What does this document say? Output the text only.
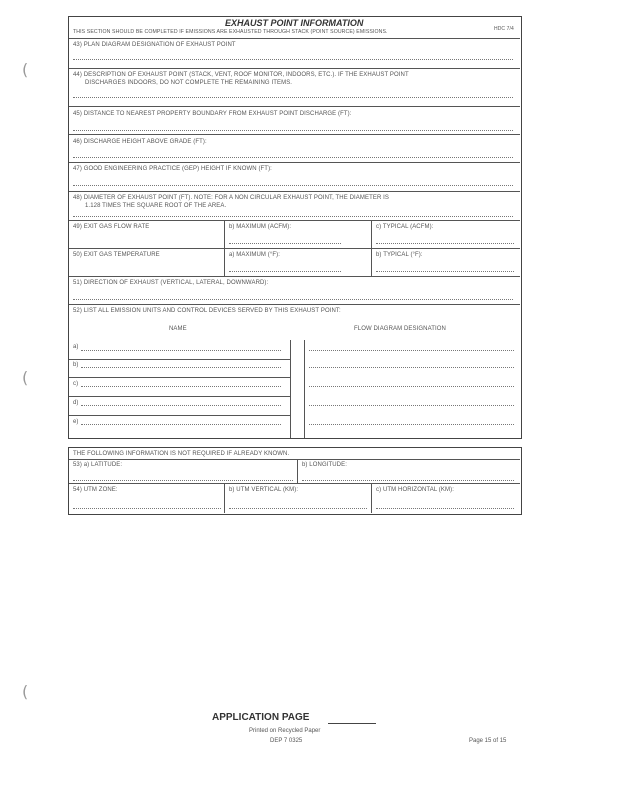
(
(
(
EXHAUST POINT INFORMATION
THIS SECTION SHOULD BE COMPLETED IF EMISSIONS ARE EXHAUSTED THROUGH STACK (POINT SOURCE) EMISSIONS.	HDC 7/4
43) PLAN DIAGRAM DESIGNATION OF EXHAUST POINT
44) DESCRIPTION OF EXHAUST POINT (STACK, VENT, ROOF MONITOR, INDOORS, ETC.). IF THE EXHAUST POINT
DISCHARGES INDOORS, DO NOT COMPLETE THE REMAINING ITEMS.
45) DISTANCE TO NEAREST PROPERTY BOUNDARY FROM EXHAUST POINT DISCHARGE (FT):
46) DISCHARGE HEIGHT ABOVE GRADE (FT):
47) GOOD ENGINEERING PRACTICE (GEP) HEIGHT IF KNOWN (FT):
48) DIAMETER OF EXHAUST POINT (FT). NOTE: FOR A NON CIRCULAR EXHAUST POINT, THE DIAMETER IS
1.128 TIMES THE SQUARE ROOT OF THE AREA.
49) EXIT GAS FLOW RATE	b) MAXIMUM (ACFM):	c) TYPICAL (ACFM):
50) EXIT GAS TEMPERATURE	a) MAXIMUM (°F):	b) TYPICAL (°F):
51) DIRECTION OF EXHAUST (VERTICAL, LATERAL, DOWNWARD):
52) LIST ALL EMISSION UNITS AND CONTROL DEVICES SERVED BY THIS EXHAUST POINT:
NAME	FLOW DIAGRAM DESIGNATION
a)
b)
c)
d)
e)
THE FOLLOWING INFORMATION IS NOT REQUIRED IF ALREADY KNOWN.
53) a) LATITUDE:	b) LONGITUDE:
54) UTM ZONE:	b) UTM VERTICAL (KM):	c) UTM HORIZONTAL (KM):
APPLICATION PAGE
Printed on Recycled Paper
DEP 7 0325	Page 15 of 15
